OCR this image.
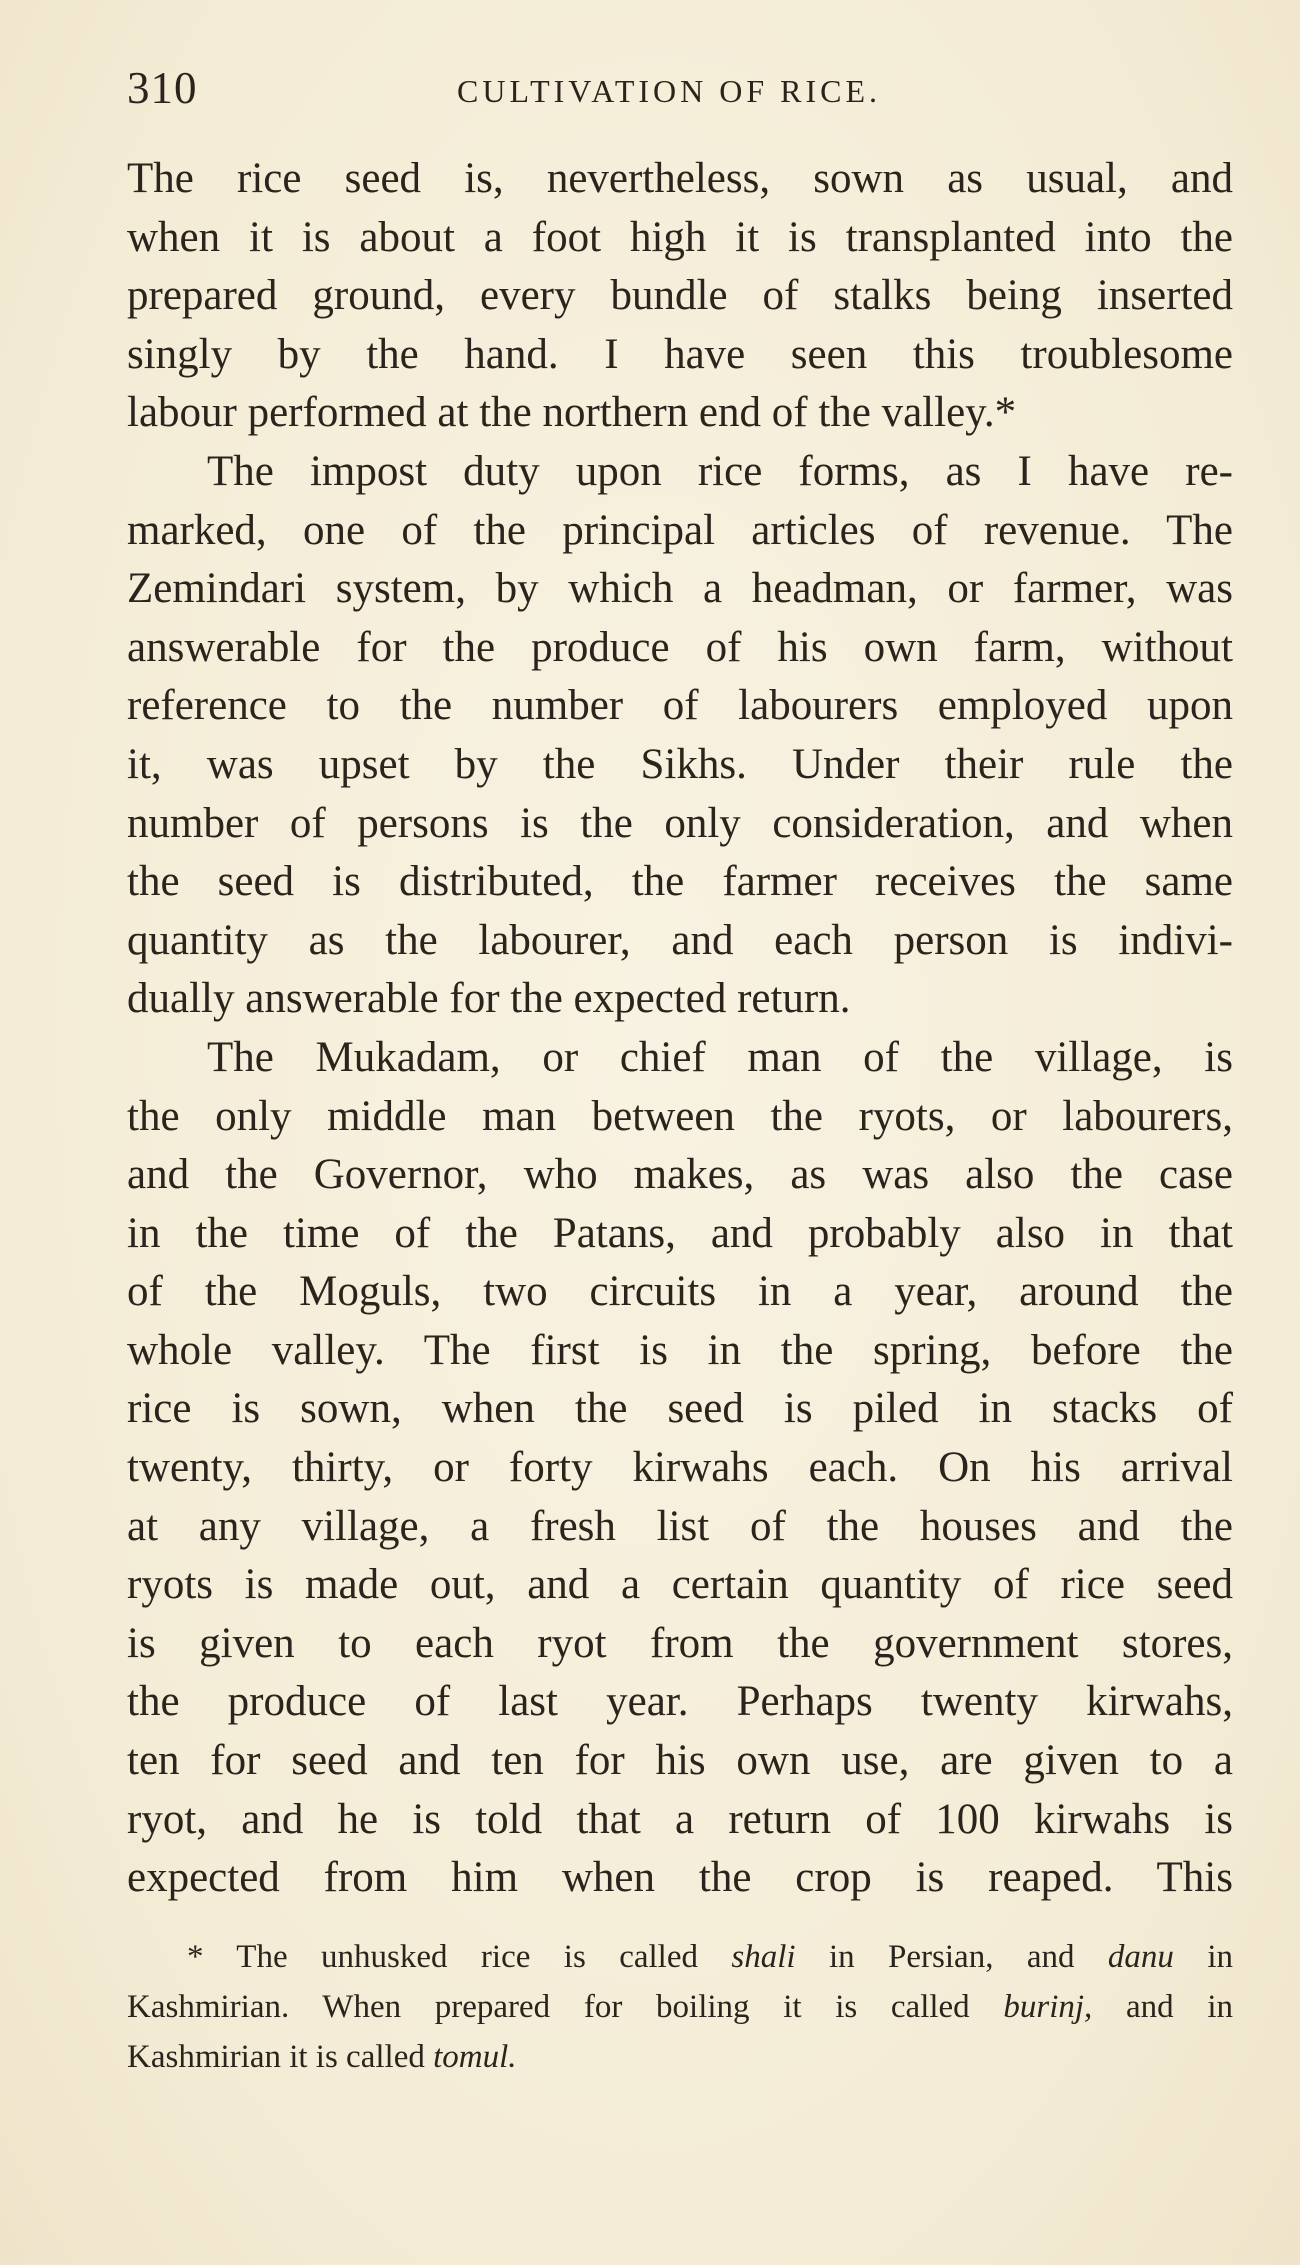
310	CULTIVATION OF RICE.
The rice seed is, nevertheless, sown as usual, and
when it is about a foot high it is transplanted into the
prepared ground, every bundle of stalks being inserted
singly by the hand. I have seen this troublesome
labour performed at the northern end of the valley.*
The impost duty upon rice forms, as I have re-
marked, one of the principal articles of revenue. The
Zemindari system, by which a headman, or farmer, was
answerable for the produce of his own farm, without
reference to the number of labourers employed upon
it, was upset by the Sikhs. Under their rule the
number of persons is the only consideration, and when
the seed is distributed, the farmer receives the same
quantity as the labourer, and each person is indivi-
dually answerable for the expected return.
The Mukadam, or chief man of the village, is
the only middle man between the ryots, or labourers,
and the Governor, who makes, as was also the case
in the time of the Patans, and probably also in that
of the Moguls, two circuits in a year, around the
whole valley. The first is in the spring, before the
rice is sown, when the seed is piled in stacks of
twenty, thirty, or forty kirwahs each. On his arrival
at any village, a fresh list of the houses and the
ryots is made out, and a certain quantity of rice seed
is given to each ryot from the government stores,
the produce of last year. Perhaps twenty kirwahs,
ten for seed and ten for his own use, are given to a
ryot, and he is told that a return of 100 kirwahs is
expected from him when the crop is reaped. This
* The unhusked rice is called shali in Persian, and danu in
Kashmirian. When prepared for boiling it is called burinj, and in
Kashmirian it is called tomul.
